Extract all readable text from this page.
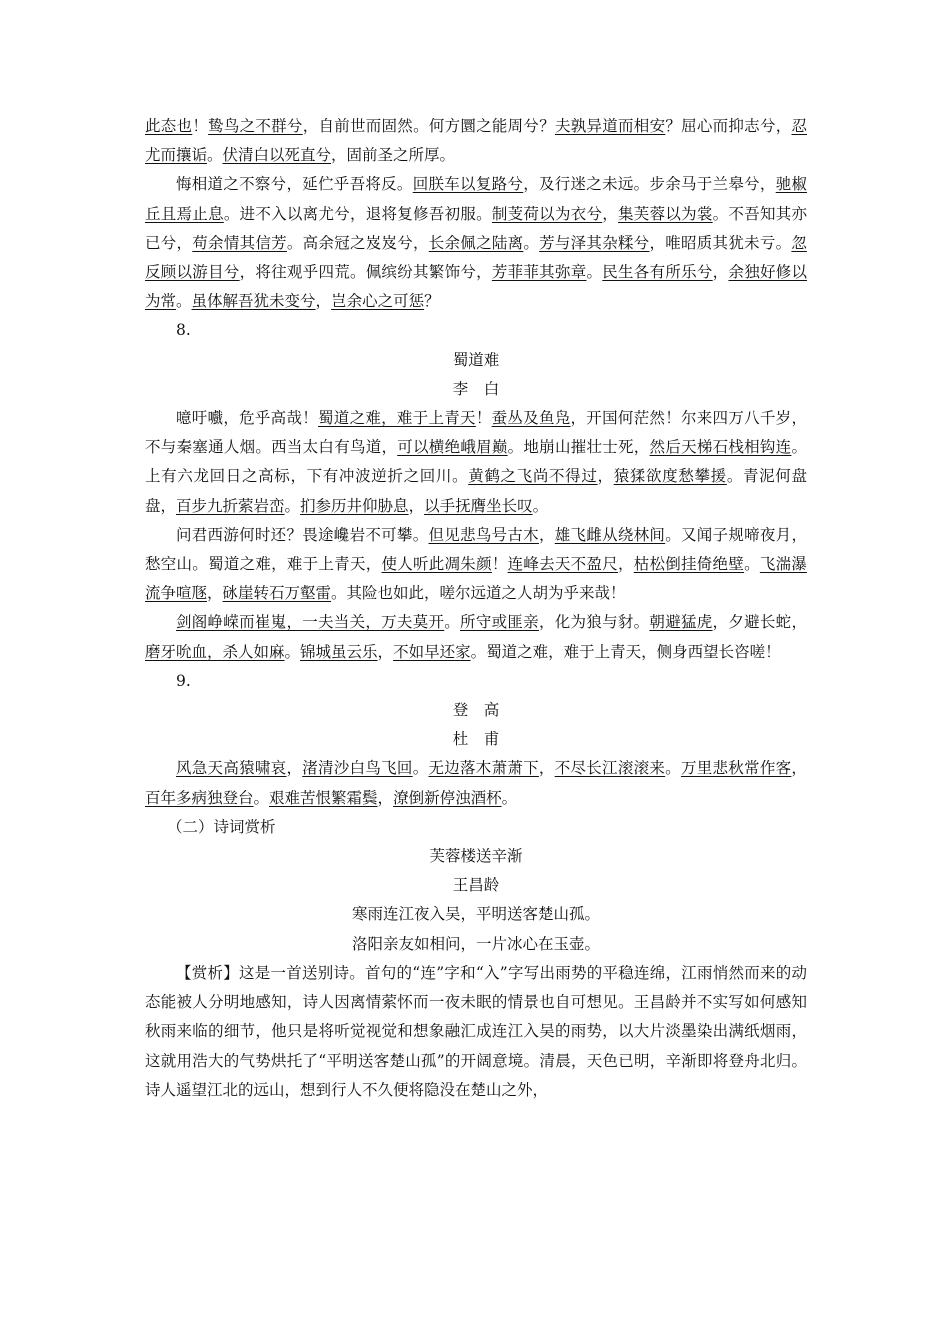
此态也！鸷鸟之不群兮，自前世而固然。何方圜之能周兮？夫孰异道而相安？屈心而抑志兮，忍尤而攘诟。伏清白以死直兮，固前圣之所厚。

悔相道之不察兮，延伫乎吾将反。回朕车以复路兮，及行迷之未远。步余马于兰皋兮，驰椒丘且焉止息。进不入以离尤兮，退将复修吾初服。制芰荷以为衣兮，集芙蓉以为裳。不吾知其亦已兮，苟余情其信芳。高余冠之岌岌兮，长余佩之陆离。芳与泽其杂糅兮，唯昭质其犹未亏。忽反顾以游目兮，将往观乎四荒。佩缤纷其繁饰兮，芳菲菲其弥章。民生各有所乐兮，余独好修以为常。虽体解吾犹未变兮，岂余心之可惩？

8.
蜀道难
李　白

噫吁嚱，危乎高哉！蜀道之难，难于上青天！蚕丛及鱼凫，开国何茫然！尔来四万八千岁，不与秦塞通人烟。西当太白有鸟道，可以横绝峨眉巅。地崩山摧壮士死，然后天梯石栈相钩连。上有六龙回日之高标，下有冲波逆折之回川。黄鹤之飞尚不得过，猿猱欲度愁攀援。青泥何盘盘，百步九折萦岩峦。扪参历井仰胁息，以手抚膺坐长叹。

问君西游何时还？畏途巉岩不可攀。但见悲鸟号古木，雄飞雌从绕林间。又闻子规啼夜月，愁空山。蜀道之难，难于上青天，使人听此凋朱颜！连峰去天不盈尺，枯松倒挂倚绝壁。飞湍瀑流争喧豗，砯崖转石万壑雷。其险也如此，嗟尔远道之人胡为乎来哉！

剑阁峥嵘而崔嵬，一夫当关，万夫莫开。所守或匪亲，化为狼与豺。朝避猛虎，夕避长蛇，磨牙吮血，杀人如麻。锦城虽云乐，不如早还家。蜀道之难，难于上青天，侧身西望长咨嗟！

9.
登　高
杜　甫

风急天高猿啸哀，渚清沙白鸟飞回。无边落木萧萧下，不尽长江滚滚来。万里悲秋常作客，百年多病独登台。艰难苦恨繁霜鬓，潦倒新停浊酒杯。

（二）诗词赏析
芙蓉楼送辛渐
王昌龄
寒雨连江夜入吴，平明送客楚山孤。
洛阳亲友如相问，一片冰心在玉壶。

【赏析】这是一首送别诗。首句的“连”字和“入”字写出雨势的平稳连绵，江雨悄然而来的动态能被人分明地感知，诗人因离情萦怀而一夜未眠的情景也自可想见。王昌龄并不实写如何感知秋雨来临的细节，他只是将听觉视觉和想象融汇成连江入吴的雨势，以大片淡墨染出满纸烟雨，这就用浩大的气势烘托了“平明送客楚山孤”的开阔意境。清晨，天色已明，辛渐即将登舟北归。诗人遥望江北的远山，想到行人不久便将隐没在楚山之外，
